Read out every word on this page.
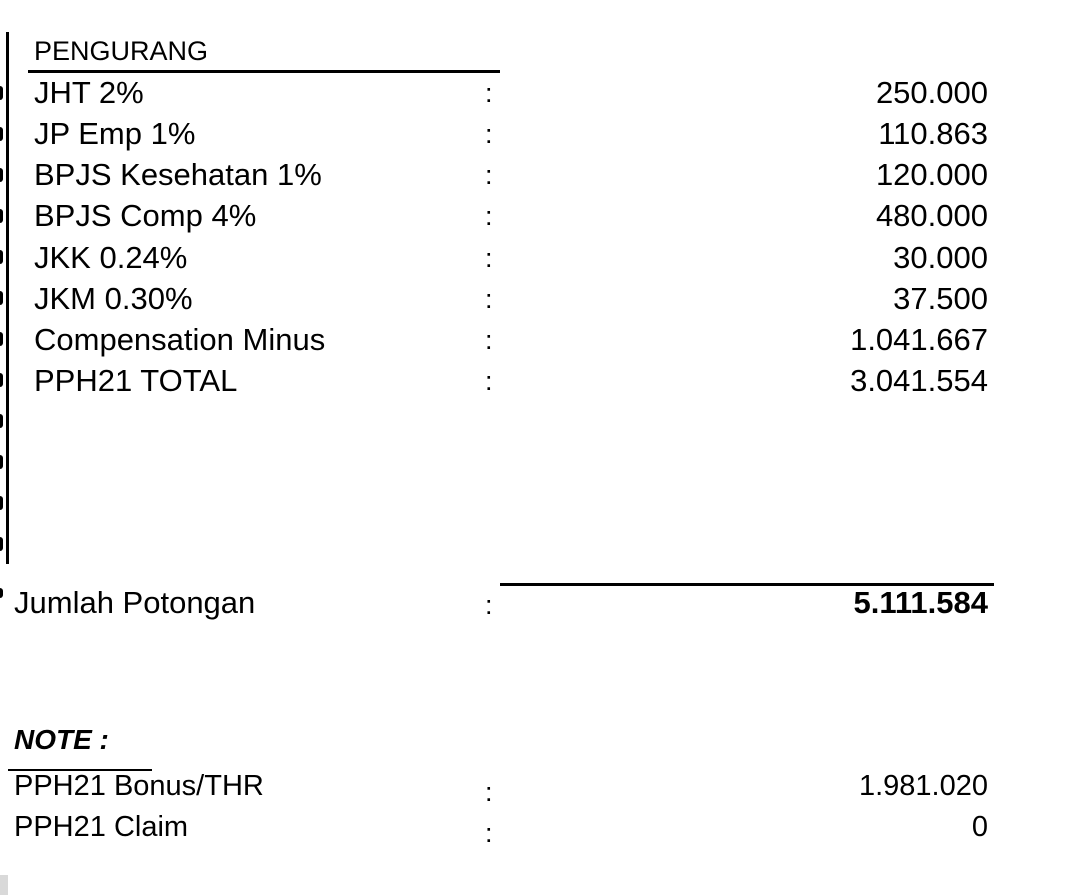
PENGURANG
JHT 2%	:	250.000
JP Emp 1%	:	110.863
BPJS Kesehatan 1%	:	120.000
BPJS Comp 4%	:	480.000
JKK 0.24%	:	30.000
JKM 0.30%	:	37.500
Compensation Minus	:	1.041.667
PPH21 TOTAL	:	3.041.554
Jumlah Potongan	:	5.111.584
NOTE :
PPH21 Bonus/THR	:	1.981.020
PPH21 Claim	:	0
